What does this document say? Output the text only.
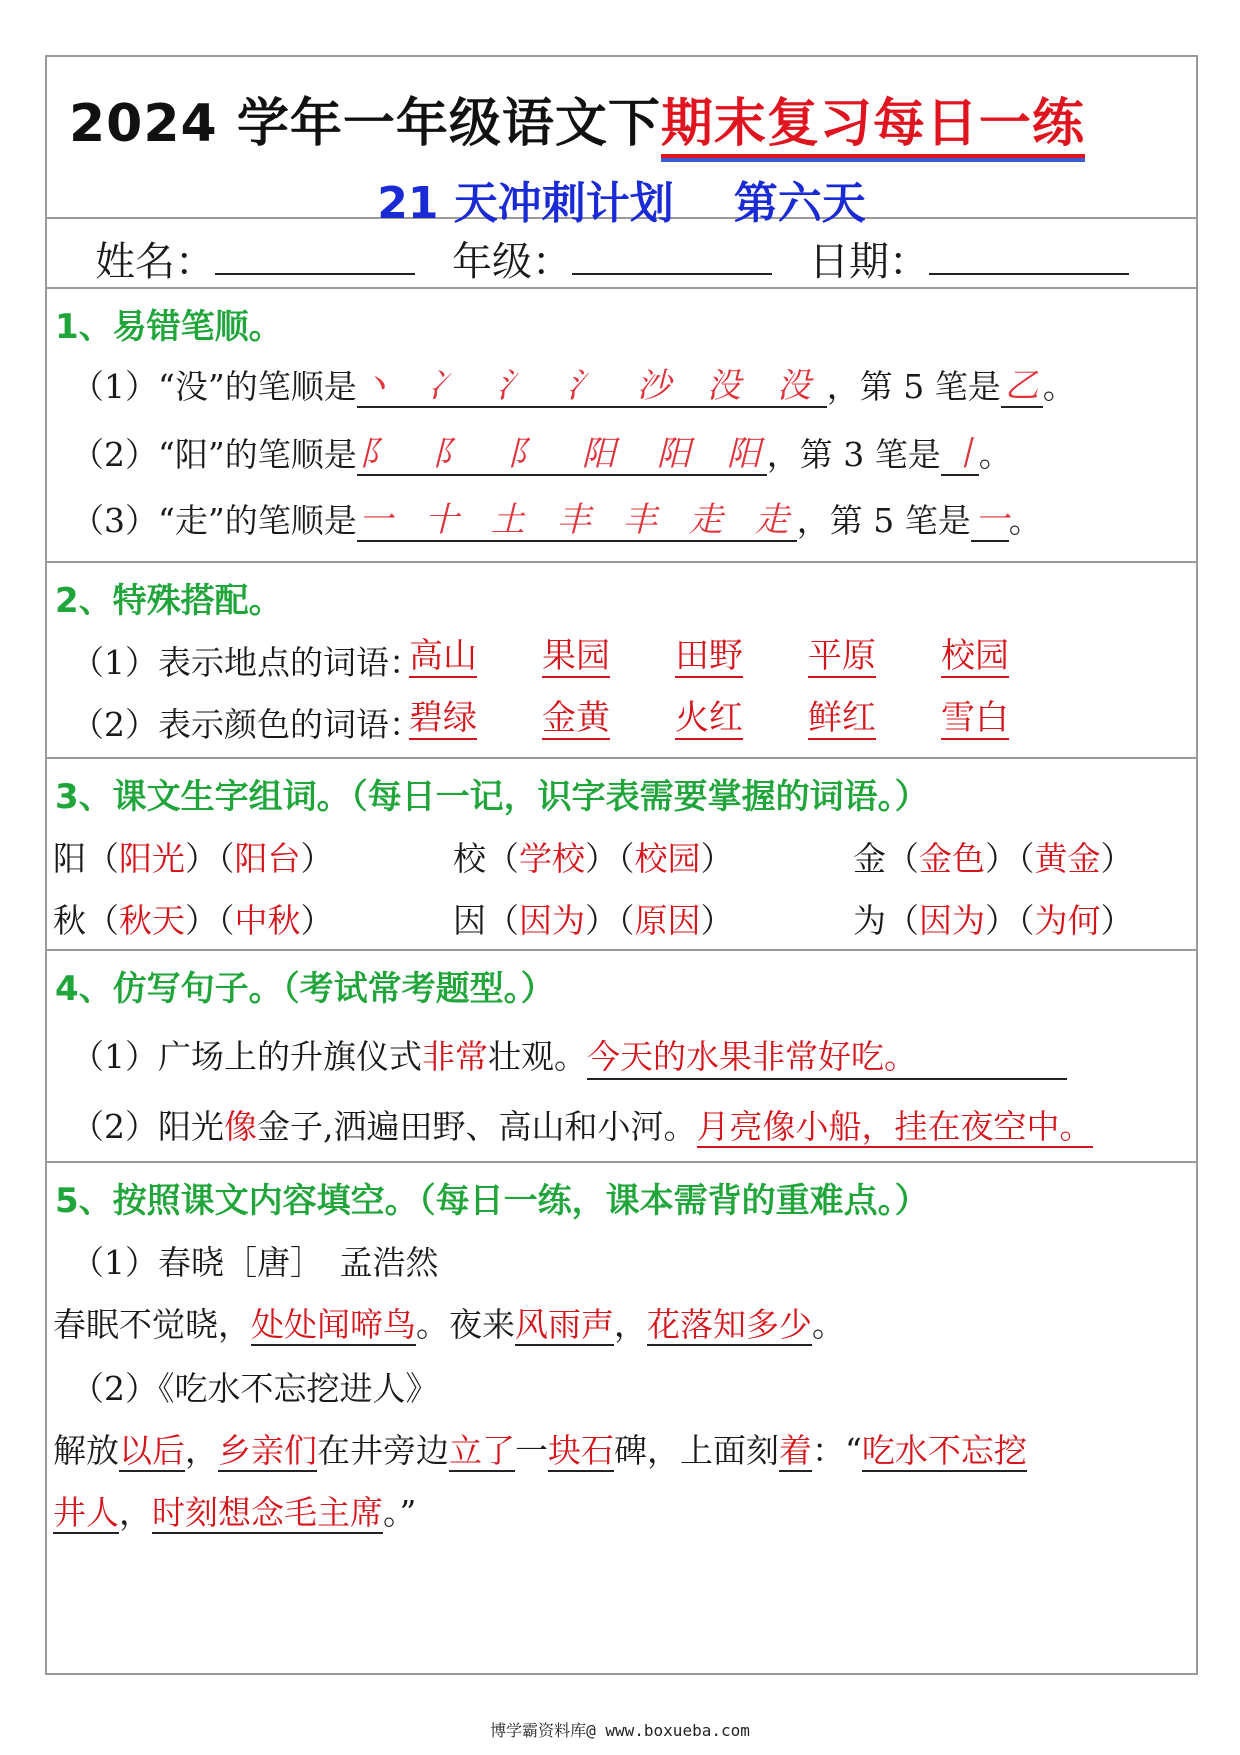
2024 学年一年级语文下期末复习每日一练
21 天冲刺计划 第六天
姓名：	年级：	日期：
1、易错笔顺。
（1）“没”的笔顺是 丶 冫 氵 氵 沙 没 没 ，第 5 笔是 乙 。
（2）“阳”的笔顺是 阝 阝 阝 阳 阳 阳 ，第 3 笔是 丨
。
（3）“走”的笔顺是 一 十 土 丰 丰 走 走 ，第 5 笔是 一 。
2、特殊搭配。
（1）表示地点的词语：
高山 果园 田野 平原 校园
（2）表示颜色的词语：
碧绿 金黄 火红 鲜红 雪白
3、课文生字组词。（每日一记，识字表需要掌握的词语。）
阳（阳光）（阳台）	校（学校）（校园）	金（金色）（黄金）
秋（秋天）（中秋）	因（因为）（原因）	为（因为）（为何）
4、仿写句子。（考试常考题型。）
（1）广场上的升旗仪式非常壮观。今天的水果非常好吃。
（2）阳光像金子,洒遍田野、高山和小河。月亮像小船，挂在夜空中。
5、按照课文内容填空。（每日一练，课本需背的重难点。）
（1）春晓［唐］　孟浩然
春眠不觉晓，处处闻啼鸟。夜来风雨声，花落知多少。
（2）《吃水不忘挖进人》
解放以后，乡亲们在井旁边立了一块石碑，上面刻着：“吃水不忘挖
井人，时刻想念毛主席。”
博学霸资料库@ www.boxueba.com
